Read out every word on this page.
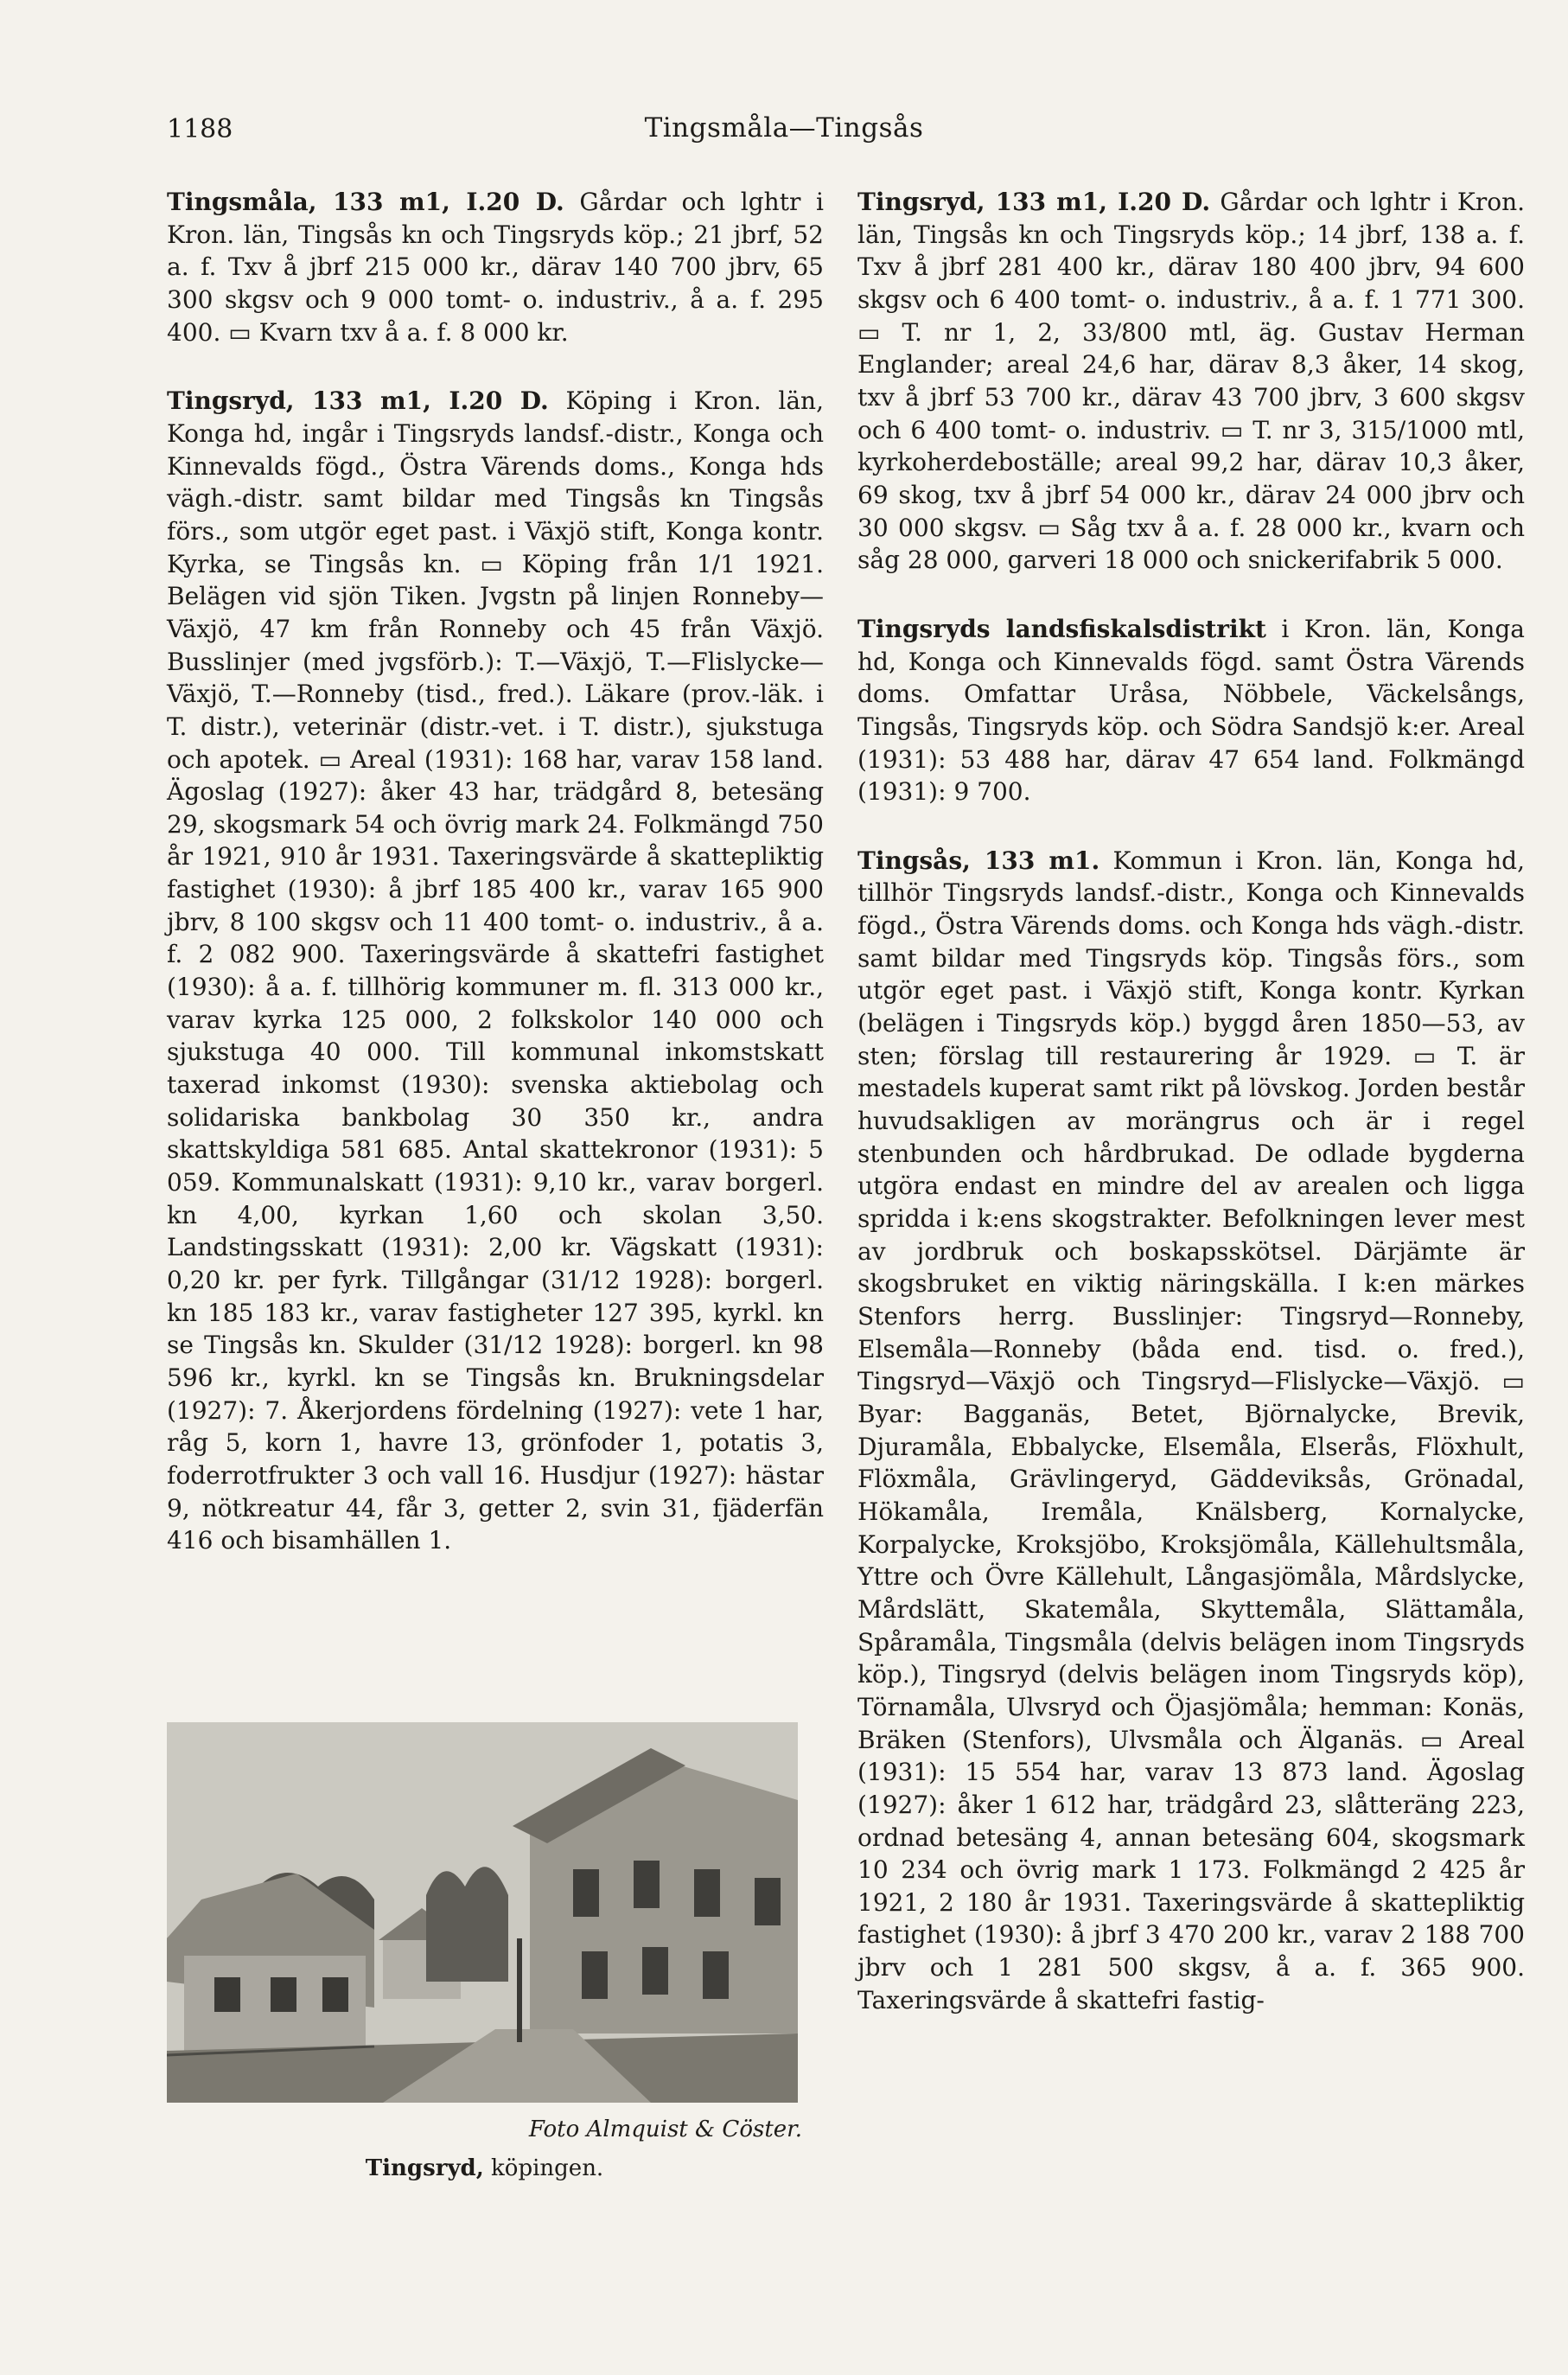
1188	Tingsmåla—Tingsås

Tingsmåla, 133 m1, I.20 D. Gårdar och lghtr i Kron. län, Tingsås kn och Tingsryds köp.; 21 jbrf, 52 a. f. Txv å jbrf 215 000 kr., därav 140 700 jbrv, 65 300 skgsv och 9 000 tomt- o. industriv., å a. f. 295 400. ▭ Kvarn txv å a. f. 8 000 kr.

Tingsryd, 133 m1, I.20 D. Köping i Kron. län, Konga hd, ingår i Tingsryds landsf.-distr., Konga och Kinnevalds fögd., Östra Värends doms., Konga hds vägh.-distr. samt bildar med Tingsås kn Tingsås förs., som utgör eget past. i Växjö stift, Konga kontr. Kyrka, se Tingsås kn. ▭ Köping från 1/1 1921. Belägen vid sjön Tiken. Jvgstn på linjen Ronneby—Växjö, 47 km från Ronneby och 45 från Växjö. Busslinjer (med jvgsförb.): T.—Växjö, T.—Flislycke—Växjö, T.—Ronneby (tisd., fred.). Läkare (prov.-läk. i T. distr.), veterinär (distr.-vet. i T. distr.), sjukstuga och apotek. ▭ Areal (1931): 168 har, varav 158 land. Ägoslag (1927): åker 43 har, trädgård 8, betesäng 29, skogsmark 54 och övrig mark 24. Folkmängd 750 år 1921, 910 år 1931. Taxeringsvärde å skattepliktig fastighet (1930): å jbrf 185 400 kr., varav 165 900 jbrv, 8 100 skgsv och 11 400 tomt- o. industriv., å a. f. 2 082 900. Taxeringsvärde å skattefri fastighet (1930): å a. f. tillhörig kommuner m. fl. 313 000 kr., varav kyrka 125 000, 2 folkskolor 140 000 och sjukstuga 40 000. Till kommunal inkomstskatt taxerad inkomst (1930): svenska aktiebolag och solidariska bankbolag 30 350 kr., andra skattskyldiga 581 685. Antal skattekronor (1931): 5 059. Kommunalskatt (1931): 9,10 kr., varav borgerl. kn 4,00, kyrkan 1,60 och skolan 3,50. Landstingsskatt (1931): 2,00 kr. Vägskatt (1931): 0,20 kr. per fyrk. Tillgångar (31/12 1928): borgerl. kn 185 183 kr., varav fastigheter 127 395, kyrkl. kn se Tingsås kn. Skulder (31/12 1928): borgerl. kn 98 596 kr., kyrkl. kn se Tingsås kn. Brukningsdelar (1927): 7. Åkerjordens fördelning (1927): vete 1 har, råg 5, korn 1, havre 13, grönfoder 1, potatis 3, foderrotfrukter 3 och vall 16. Husdjur (1927): hästar 9, nötkreatur 44, får 3, getter 2, svin 31, fjäderfän 416 och bisamhällen 1.

Foto Almquist & Cöster.
Tingsryd, köpingen.

Tingsryd, 133 m1, I.20 D. Gårdar och lghtr i Kron. län, Tingsås kn och Tingsryds köp.; 14 jbrf, 138 a. f. Txv å jbrf 281 400 kr., därav 180 400 jbrv, 94 600 skgsv och 6 400 tomt- o. industriv., å a. f. 1 771 300. ▭ T. nr 1, 2, 33/800 mtl, äg. Gustav Herman Englander; areal 24,6 har, därav 8,3 åker, 14 skog, txv å jbrf 53 700 kr., därav 43 700 jbrv, 3 600 skgsv och 6 400 tomt- o. industriv. ▭ T. nr 3, 315/1000 mtl, kyrkoherdeboställe; areal 99,2 har, därav 10,3 åker, 69 skog, txv å jbrf 54 000 kr., därav 24 000 jbrv och 30 000 skgsv. ▭ Såg txv å a. f. 28 000 kr., kvarn och såg 28 000, garveri 18 000 och snickerifabrik 5 000.

Tingsryds landsfiskalsdistrikt i Kron. län, Konga hd, Konga och Kinnevalds fögd. samt Östra Värends doms. Omfattar Uråsa, Nöbbele, Väckelsångs, Tingsås, Tingsryds köp. och Södra Sandsjö k:er. Areal (1931): 53 488 har, därav 47 654 land. Folkmängd (1931): 9 700.

Tingsås, 133 m1. Kommun i Kron. län, Konga hd, tillhör Tingsryds landsf.-distr., Konga och Kinnevalds fögd., Östra Värends doms. och Konga hds vägh.-distr. samt bildar med Tingsryds köp. Tingsås förs., som utgör eget past. i Växjö stift, Konga kontr. Kyrkan (belägen i Tingsryds köp.) byggd åren 1850—53, av sten; förslag till restaurering år 1929. ▭ T. är mestadels kuperat samt rikt på lövskog. Jorden består huvudsakligen av morängrus och är i regel stenbunden och hårdbrukad. De odlade bygderna utgöra endast en mindre del av arealen och ligga spridda i k:ens skogstrakter. Befolkningen lever mest av jordbruk och boskapsskötsel. Därjämte är skogsbruket en viktig näringskälla. I k:en märkes Stenfors herrg. Busslinjer: Tingsryd—Ronneby, Elsemåla—Ronneby (båda end. tisd. o. fred.), Tingsryd—Växjö och Tingsryd—Flislycke—Växjö. ▭ Byar: Bagganäs, Betet, Björnalycke, Brevik, Djuramåla, Ebbalycke, Elsemåla, Elserås, Flöxhult, Flöxmåla, Grävlingeryd, Gäddeviksås, Grönadal, Hökamåla, Iremåla, Knälsberg, Kornalycke, Korpalycke, Kroksjöbo, Kroksjömåla, Källehultsmåla, Yttre och Övre Källehult, Långasjömåla, Mårdslycke, Mårdslätt, Skatemåla, Skyttemåla, Slättamåla, Spåramåla, Tingsmåla (delvis belägen inom Tingsryds köp.), Tingsryd (delvis belägen inom Tingsryds köp), Törnamåla, Ulvsryd och Öjasjömåla; hemman: Konäs, Bräken (Stenfors), Ulvsmåla och Älganäs. ▭ Areal (1931): 15 554 har, varav 13 873 land. Ägoslag (1927): åker 1 612 har, trädgård 23, slåtteräng 223, ordnad betesäng 4, annan betesäng 604, skogsmark 10 234 och övrig mark 1 173. Folkmängd 2 425 år 1921, 2 180 år 1931. Taxeringsvärde å skattepliktig fastighet (1930): å jbrf 3 470 200 kr., varav 2 188 700 jbrv och 1 281 500 skgsv, å a. f. 365 900. Taxeringsvärde å skattefri fastig-
